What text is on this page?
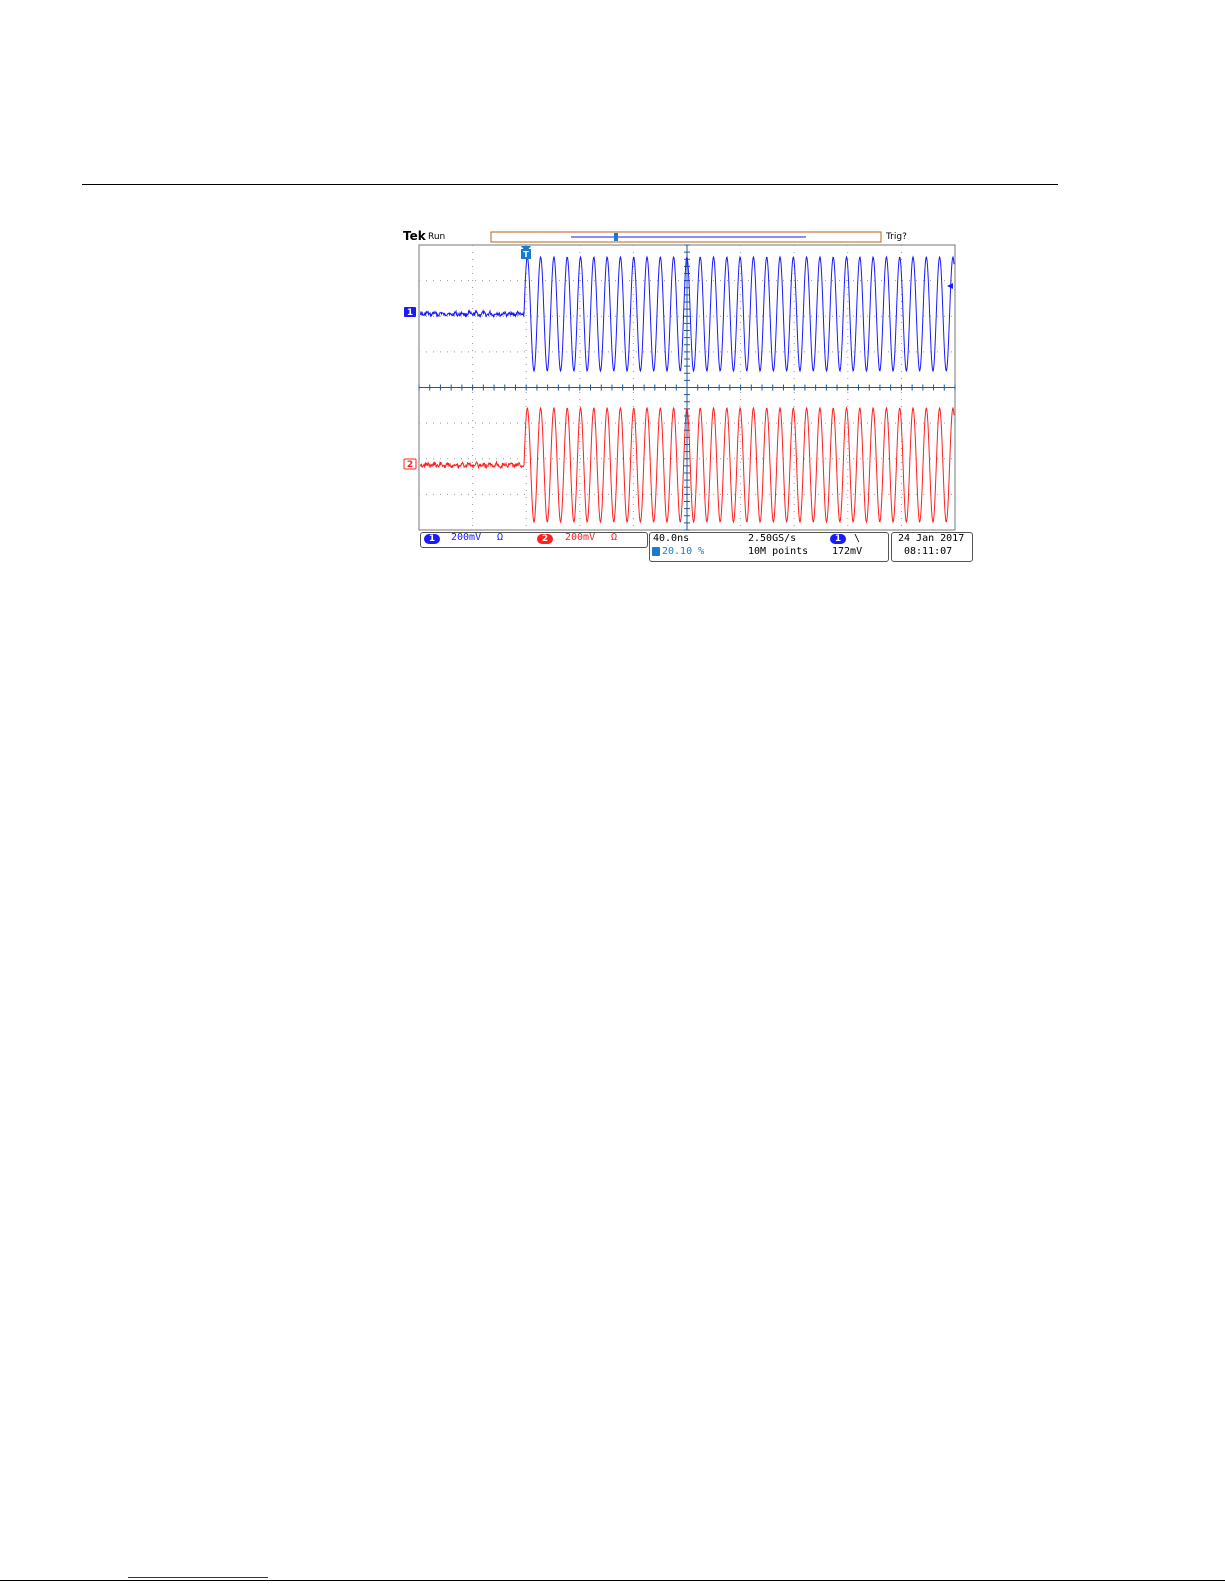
T
1
2
Tek Run	Trig?
1	200mV Ω	2	200mV Ω	40.0ns	2.50GS/s	1	\
20.10 %	10M points 172mV
24 Jan 2017
08:11:07
